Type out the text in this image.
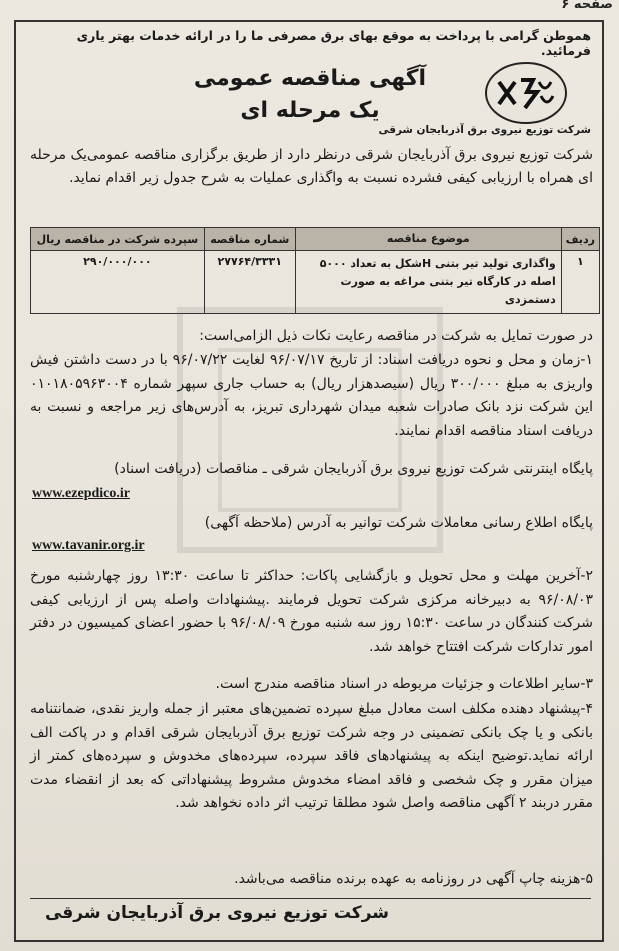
صفحه ۶
هموطن گرامی با پرداخت به موقع بهای برق مصرفی ما را در ارائه خدمات بهتر یاری فرمائید.
آگهی مناقصه عمومی
یک مرحله ای
شرکت توزیع نیروی برق آذربایجان شرقی
شرکت توزیع نیروی برق آذربایجان شرقی درنظر دارد از طریق برگزاری مناقصه عمومی‌یک مرحله ای همراه با ارزیابی کیفی فشرده نسبت به واگذاری عملیات به شرح جدول زیر اقدام نماید.
ردیف	موضوع مناقصه	شماره مناقصه	سپرده شرکت در مناقصه ریال
۱	واگذاری تولید تیر بتنی Hشکل به تعداد ۵۰۰۰ اصله در کارگاه تیر بتنی مراغه به صورت دستمزدی	۲۷۷۶۴/۳۳۳۱	۲۹۰/۰۰۰/۰۰۰
در صورت تمایل به شرکت در مناقصه رعایت نکات ذیل الزامی‌است:
۱-زمان و محل و نحوه دریافت اسناد: از تاریخ ۹۶/۰۷/۱۷ لغایت ۹۶/۰۷/۲۲ با در دست داشتن فیش واریزی به مبلغ ۳۰۰/۰۰۰ ریال (سیصدهزار ریال) به حساب جاری سپهر شماره ۰۱۰۱۸۰۵۹۶۳۰۰۴ این شرکت نزد بانک صادرات شعبه میدان شهرداری تبریز، به آدرس‌های زیر مراجعه و نسبت به دریافت اسناد مناقصه اقدام نمایند.
پایگاه اینترنتی شرکت توزیع نیروی برق آذربایجان شرقی ـ مناقصات (دریافت اسناد)
www.ezepdico.ir
پایگاه اطلاع رسانی معاملات شرکت توانیر به آدرس (ملاحظه آگهی)
www.tavanir.org.ir
۲-آخرین مهلت و محل تحویل و بازگشایی پاکات: حداکثر تا ساعت ۱۳:۳۰ روز چهارشنبه مورخ ۹۶/۰۸/۰۳ به دبیرخانه مرکزی شرکت تحویل فرمایند .پیشنهادات واصله پس از ارزیابی کیفی شرکت کنندگان در ساعت ۱۵:۳۰ روز سه شنبه مورخ ۹۶/۰۸/۰۹ با حضور اعضای کمیسیون در دفتر امور تدارکات شرکت افتتاح خواهد شد.
۳-سایر اطلاعات و جزئیات مربوطه در اسناد مناقصه مندرج است.
۴-پیشنهاد دهنده مکلف است معادل مبلغ سپرده تضمین‌های معتبر از جمله واریز نقدی، ضمانتنامه بانکی و یا چک بانکی تضمینی در وجه شرکت توزیع برق آذربایجان شرقی اقدام و در پاکت الف ارائه نماید.توضیح اینکه به پیشنهادهای فاقد سپرده، سپرده‌های مخدوش و سپرده‌های کمتر از میزان مقرر و چک شخصی و فاقد امضاء مخدوش مشروط پیشنهاداتی که بعد از انقضاء مدت مقرر دربند ۲ آگهی مناقصه واصل شود مطلقا ترتیب اثر داده نخواهد شد.
۵-هزینه چاپ آگهی در روزنامه به عهده برنده مناقصه می‌باشد.
شرکت توزیع نیروی برق آذربایجان شرقی
